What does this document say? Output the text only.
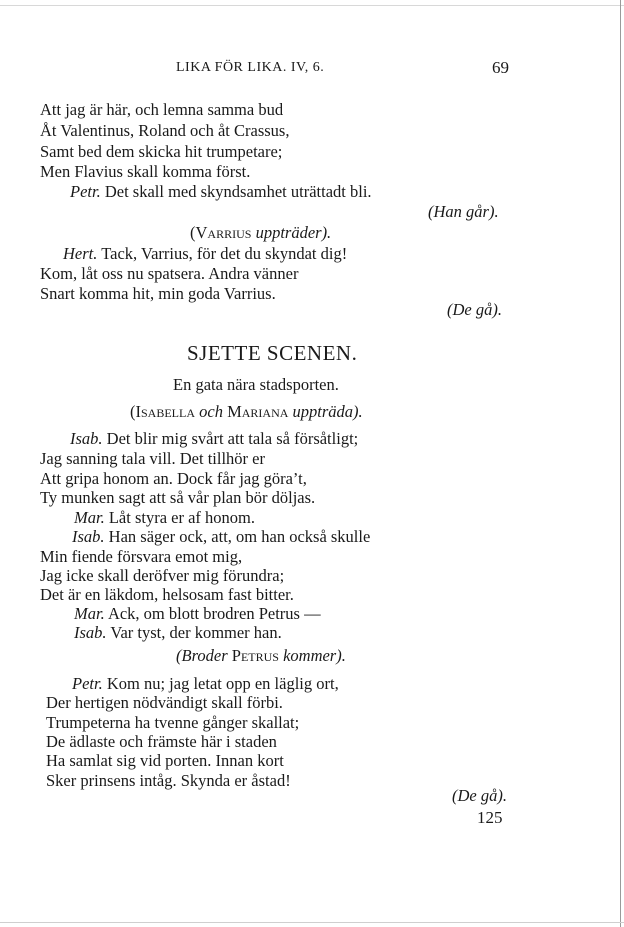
LIKA FÖR LIKA. IV, 6.	69
Att jag är här, och lemna samma bud
Åt Valentinus, Roland och åt Crassus,
Samt bed dem skicka hit trumpetare;
Men Flavius skall komma först.
Petr. Det skall med skyndsamhet uträttadt bli.
(Han går).
(Varrius uppträder).
Hert. Tack, Varrius, för det du skyndat dig!
Kom, låt oss nu spatsera. Andra vänner
Snart komma hit, min goda Varrius.
(De gå).
SJETTE SCENEN.
En gata nära stadsporten.
(Isabella och Mariana uppträda).
Isab. Det blir mig svårt att tala så försåtligt;
Jag sanning tala vill. Det tillhör er
Att gripa honom an. Dock får jag göra’t,
Ty munken sagt att så vår plan bör döljas.
Mar. Låt styra er af honom.
Isab. Han säger ock, att, om han också skulle
Min fiende försvara emot mig,
Jag icke skall deröfver mig förundra;
Det är en läkdom, helsosam fast bitter.
Mar. Ack, om blott brodren Petrus —
Isab. Var tyst, der kommer han.
(Broder Petrus kommer).
Petr. Kom nu; jag letat opp en läglig ort,
Der hertigen nödvändigt skall förbi.
Trumpeterna ha tvenne gånger skallat;
De ädlaste och främste här i staden
Ha samlat sig vid porten. Innan kort
Sker prinsens intåg. Skynda er åstad!
(De gå).
125
